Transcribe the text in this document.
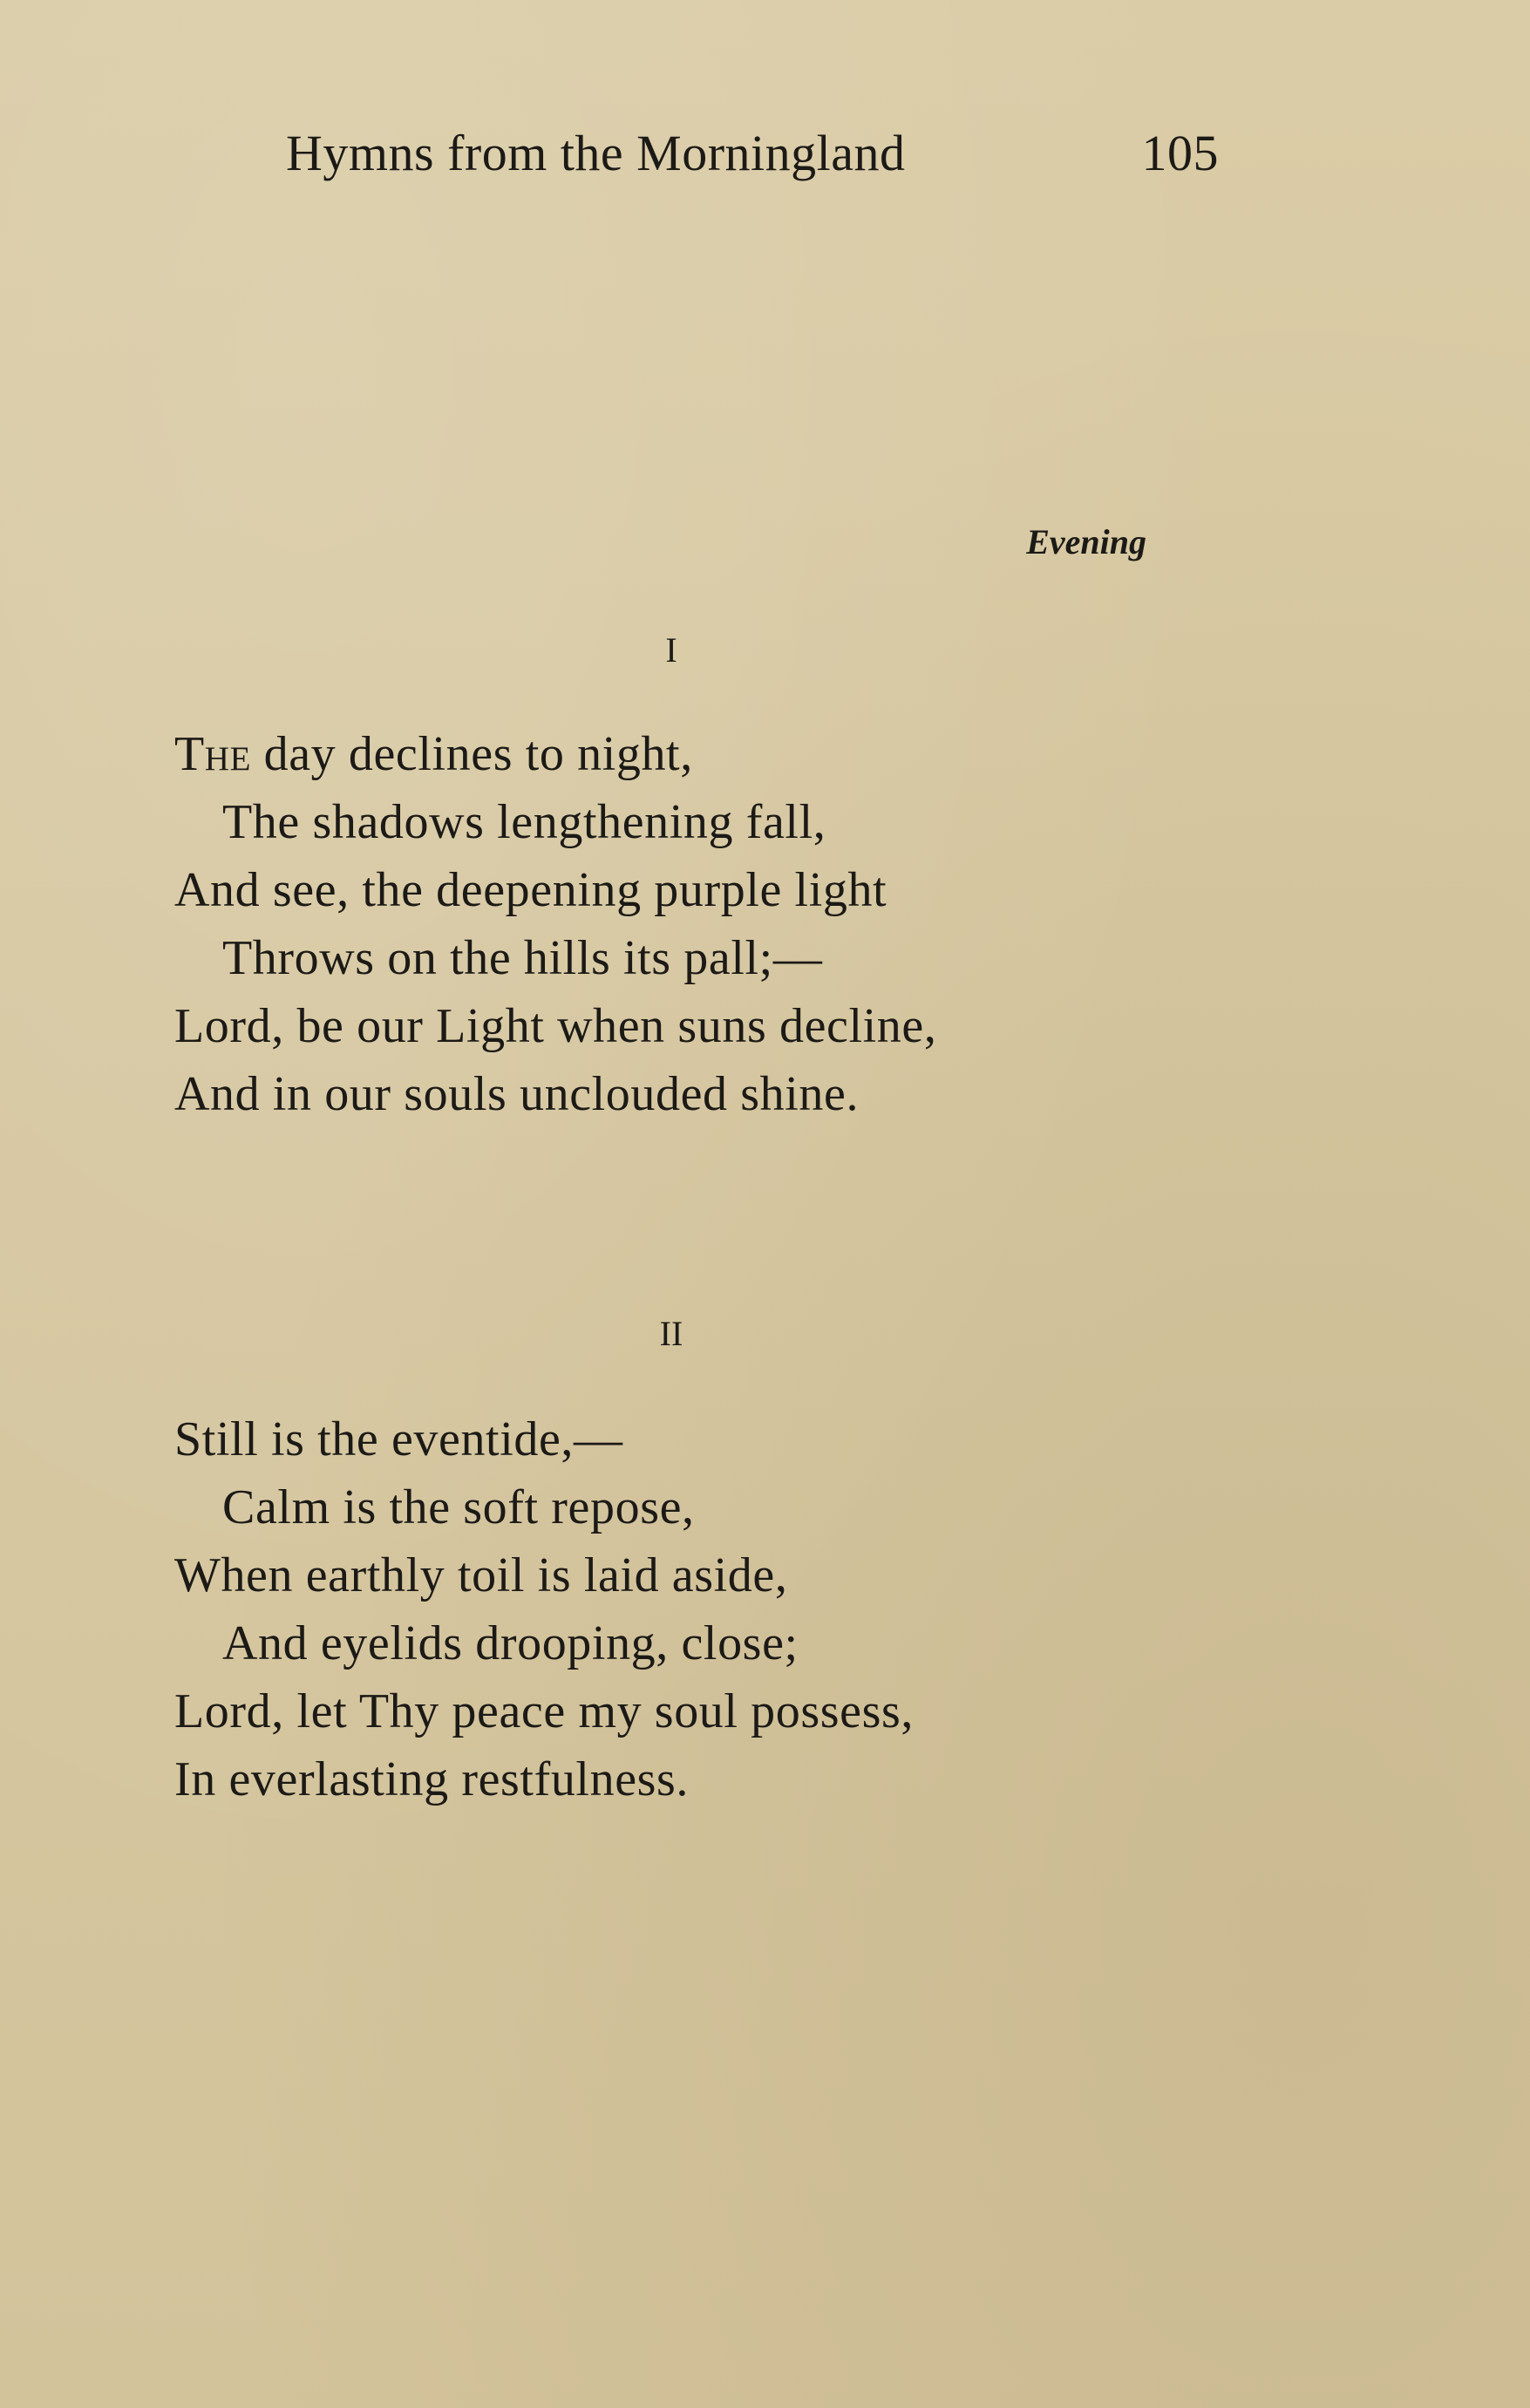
Hymns from the Morningland	105
Evening
I
The day declines to night,
The shadows lengthening fall,
And see, the deepening purple light
Throws on the hills its pall;—
Lord, be our Light when suns decline,
And in our souls unclouded shine.
II
Still is the eventide,—
Calm is the soft repose,
When earthly toil is laid aside,
And eyelids drooping, close;
Lord, let Thy peace my soul possess,
In everlasting restfulness.
